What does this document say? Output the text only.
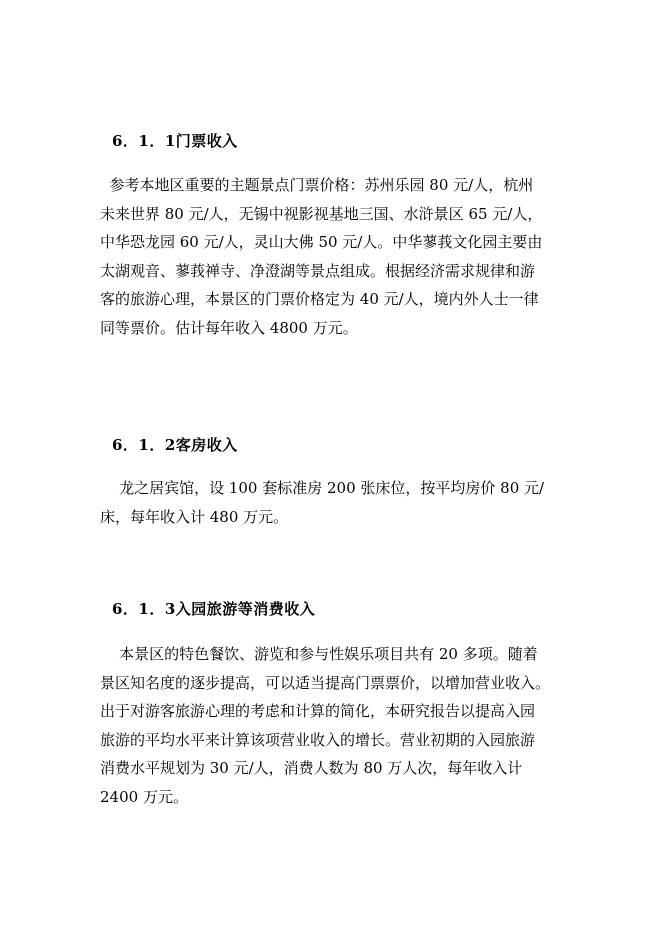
6．1．1门票收入
参考本地区重要的主题景点门票价格：苏州乐园 80 元/人，杭州
未来世界 80 元/人，无锡中视影视基地三国、水浒景区 65 元/人，
中华恐龙园 60 元/人，灵山大佛 50 元/人。中华蓼莪文化园主要由
太湖观音、蓼莪禅寺、净澄湖等景点组成。根据经济需求规律和游
客的旅游心理，本景区的门票价格定为 40 元/人，境内外人士一律
同等票价。估计每年收入 4800 万元。
6．1．2客房收入
龙之居宾馆，设 100 套标准房 200 张床位，按平均房价 80 元/
床，每年收入计 480 万元。
6．1．3入园旅游等消费收入
本景区的特色餐饮、游览和参与性娱乐项目共有 20 多项。随着
景区知名度的逐步提高，可以适当提高门票票价，以增加营业收入。
出于对游客旅游心理的考虑和计算的简化，本研究报告以提高入园
旅游的平均水平来计算该项营业收入的增长。营业初期的入园旅游
消费水平规划为 30 元/人，消费人数为 80 万人次，每年收入计
2400 万元。
